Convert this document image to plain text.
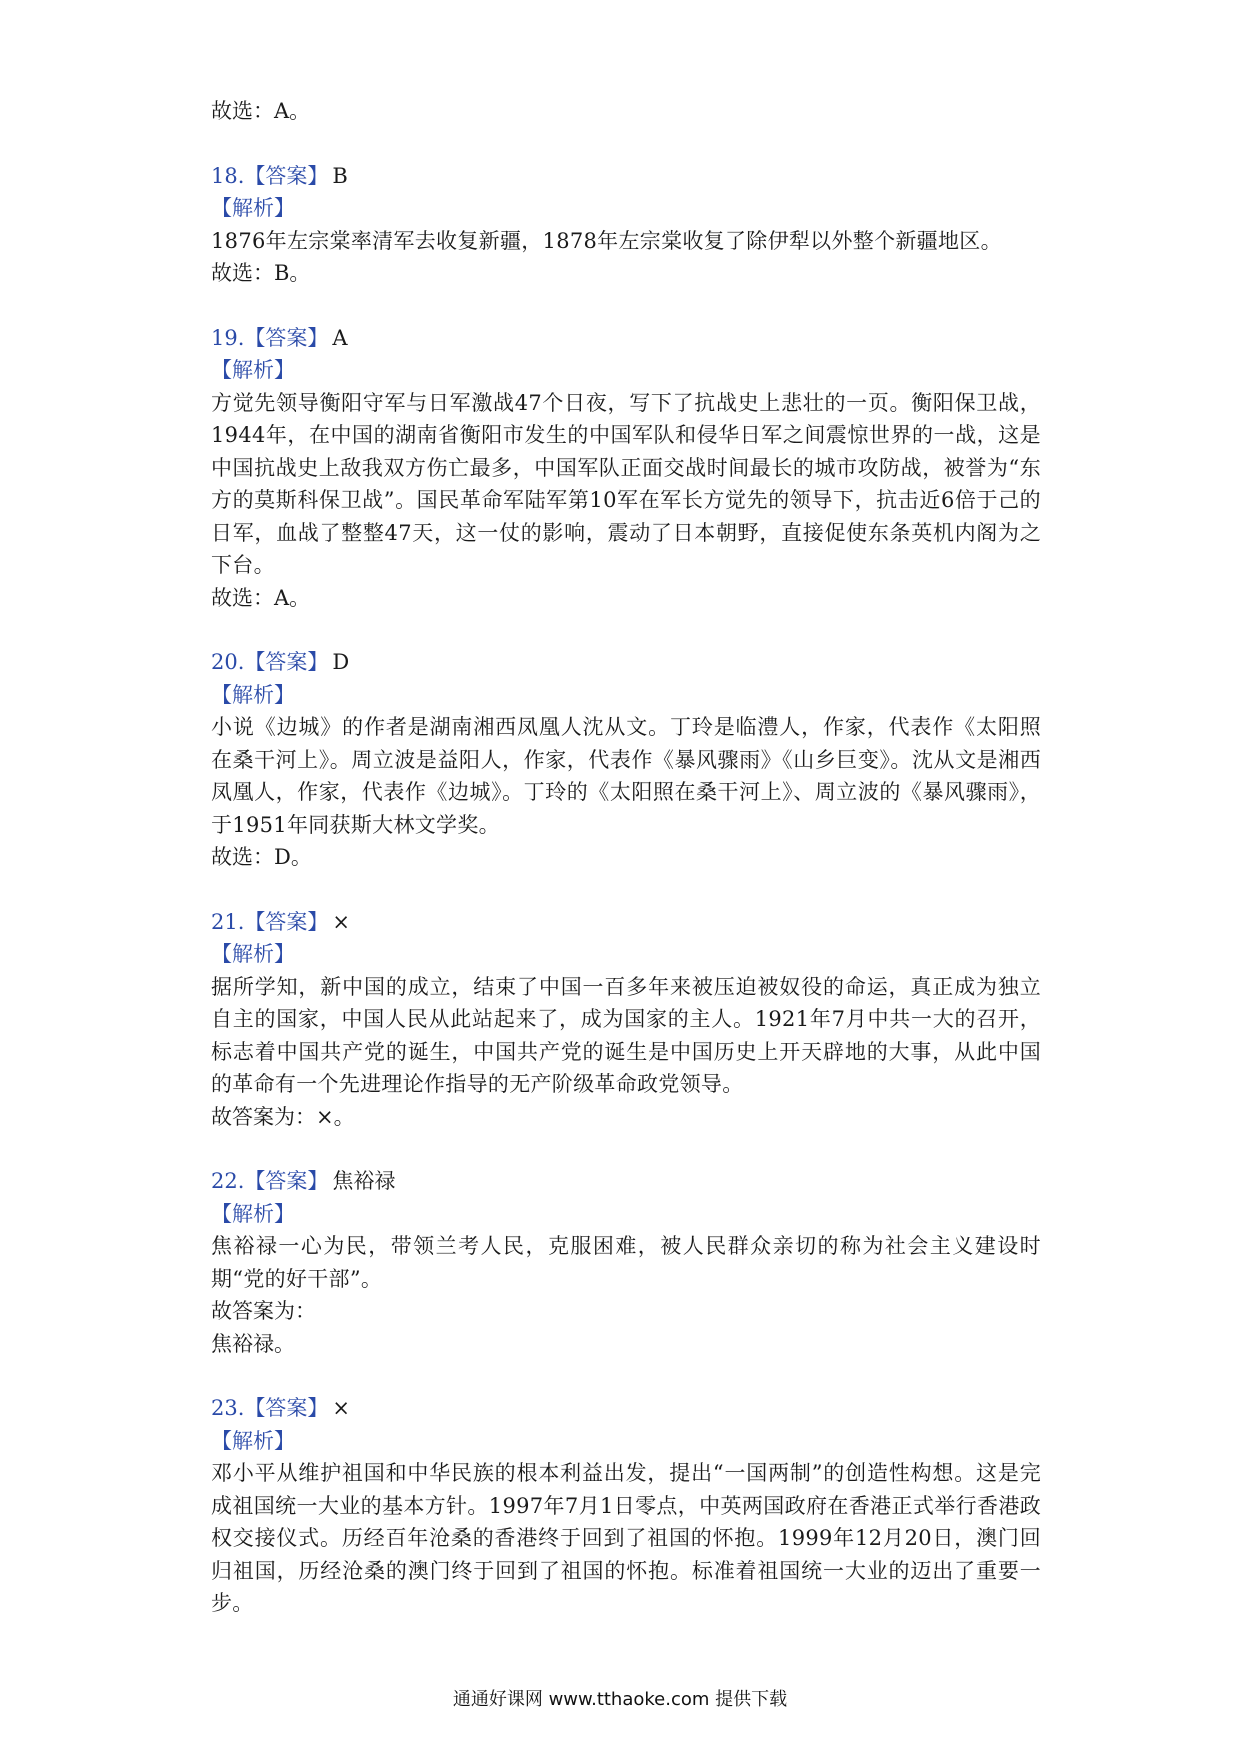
故选：A。
18.【答案】 B
【解析】
1876年左宗棠率清军去收复新疆，1878年左宗棠收复了除伊犁以外整个新疆地区。
故选：B。
19.【答案】 A
【解析】
方觉先领导衡阳守军与日军激战47个日夜，写下了抗战史上悲壮的一页。衡阳保卫战，1944年，在中国的湖南省衡阳市发生的中国军队和侵华日军之间震惊世界的一战，这是中国抗战史上敌我双方伤亡最多，中国军队正面交战时间最长的城市攻防战，被誉为“东方的莫斯科保卫战”。国民革命军陆军第10军在军长方觉先的领导下，抗击近6倍于己的日军，血战了整整47天，这一仗的影响，震动了日本朝野，直接促使东条英机内阁为之下台。
故选：A。
20.【答案】 D
【解析】
小说《边城》的作者是湖南湘西凤凰人沈从文。丁玲是临澧人，作家，代表作《太阳照在桑干河上》。周立波是益阳人，作家，代表作《暴风骤雨》《山乡巨变》。沈从文是湘西凤凰人，作家，代表作《边城》。丁玲的《太阳照在桑干河上》、周立波的《暴风骤雨》，于1951年同获斯大林文学奖。
故选：D。
21.【答案】 ×
【解析】
据所学知，新中国的成立，结束了中国一百多年来被压迫被奴役的命运，真正成为独立自主的国家，中国人民从此站起来了，成为国家的主人。1921年7月中共一大的召开，标志着中国共产党的诞生，中国共产党的诞生是中国历史上开天辟地的大事，从此中国的革命有一个先进理论作指导的无产阶级革命政党领导。
故答案为：×。
22.【答案】 焦裕禄
【解析】
焦裕禄一心为民，带领兰考人民，克服困难，被人民群众亲切的称为社会主义建设时期“党的好干部”。
故答案为：
焦裕禄。
23.【答案】 ×
【解析】
邓小平从维护祖国和中华民族的根本利益出发，提出“一国两制”的创造性构想。这是完成祖国统一大业的基本方针。1997年7月1日零点，中英两国政府在香港正式举行香港政权交接仪式。历经百年沧桑的香港终于回到了祖国的怀抱。1999年12月20日，澳门回归祖国，历经沧桑的澳门终于回到了祖国的怀抱。标准着祖国统一大业的迈出了重要一步。
通通好课网 www.tthaoke.com 提供下载
